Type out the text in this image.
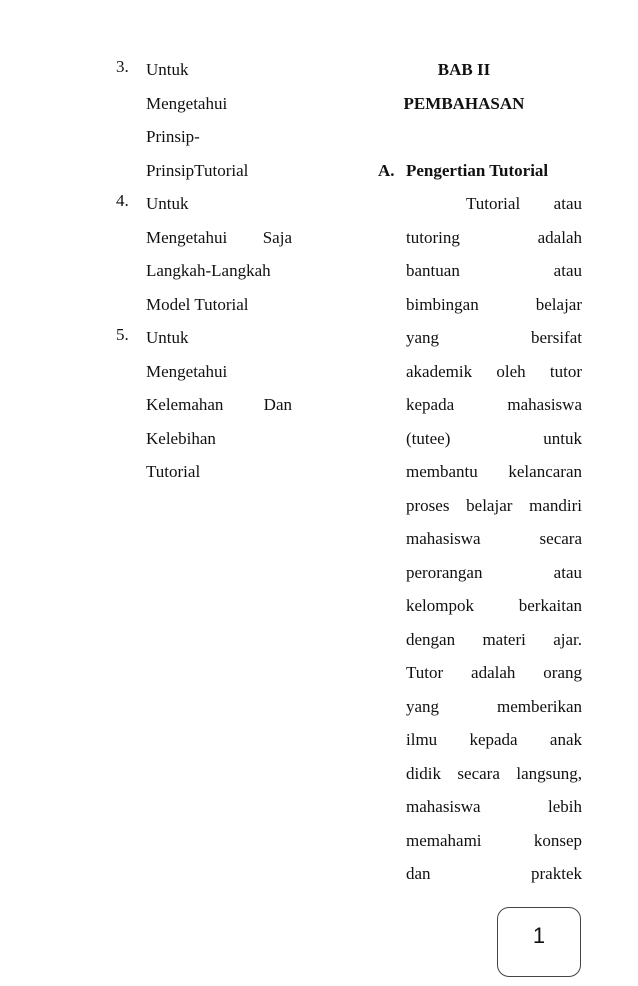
3. Untuk
Mengetahui
Prinsip-
PrinsipTutorial
4. Untuk
Mengetahui Saja
Langkah-Langkah
Model Tutorial
5. Untuk
Mengetahui
Kelemahan Dan
Kelebihan
Tutorial
BAB II
PEMBAHASAN
A. Pengertian Tutorial
Tutorial atau
tutoring	adalah
bantuan	atau
bimbingan	belajar
yang	bersifat
akademik oleh tutor
kepada	mahasiswa
(tutee)	untuk
membantu kelancaran
proses belajar mandiri
mahasiswa	secara
perorangan	atau
kelompok	berkaitan
dengan materi ajar.
Tutor adalah orang
yang	memberikan
ilmu kepada anak
didik secara langsung,
mahasiswa	lebih
memahami	konsep
dan	praktek
1
